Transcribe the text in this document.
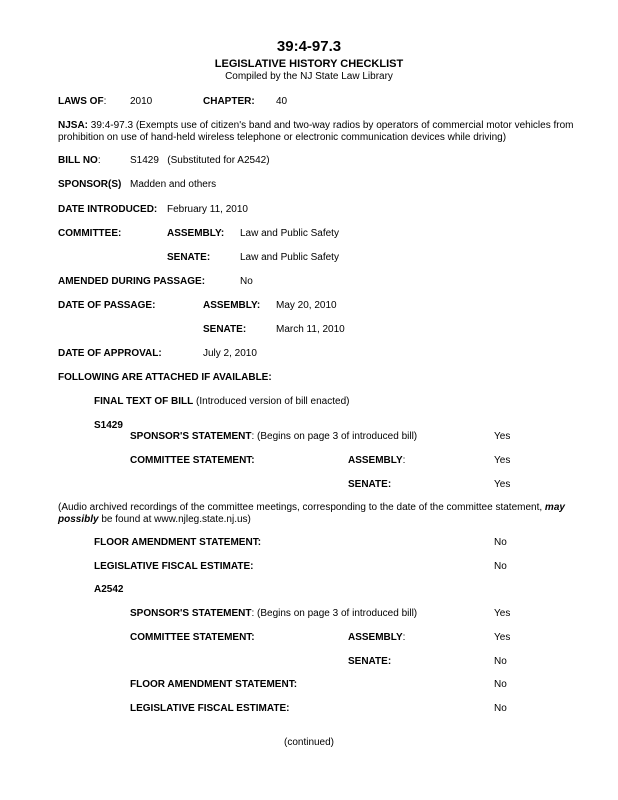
39:4-97.3
LEGISLATIVE HISTORY CHECKLIST
Compiled by the NJ State Law Library
LAWS OF: 2010	CHAPTER: 40
NJSA: 39:4-97.3 (Exempts use of citizen's band and two-way radios by operators of commercial motor vehicles from prohibition on use of hand-held wireless telephone or electronic communication devices while driving)
BILL NO:	S1429 (Substituted for A2542)
SPONSOR(S) Madden and others
DATE INTRODUCED: February 11, 2010
COMMITTEE:	ASSEMBLY: Law and Public Safety
SENATE:	Law and Public Safety
AMENDED DURING PASSAGE:	No
DATE OF PASSAGE:	ASSEMBLY: May 20, 2010
SENATE:	March 11, 2010
DATE OF APPROVAL:	July 2, 2010
FOLLOWING ARE ATTACHED IF AVAILABLE:
FINAL TEXT OF BILL (Introduced version of bill enacted)
S1429
SPONSOR'S STATEMENT: (Begins on page 3 of introduced bill)	Yes
COMMITTEE STATEMENT:	ASSEMBLY:	Yes
SENATE:	Yes
(Audio archived recordings of the committee meetings, corresponding to the date of the committee statement, may possibly be found at www.njleg.state.nj.us)
FLOOR AMENDMENT STATEMENT:	No
LEGISLATIVE FISCAL ESTIMATE:	No
A2542
SPONSOR'S STATEMENT: (Begins on page 3 of introduced bill)	Yes
COMMITTEE STATEMENT:	ASSEMBLY:	Yes
SENATE:	No
FLOOR AMENDMENT STATEMENT:	No
LEGISLATIVE FISCAL ESTIMATE:	No
(continued)
